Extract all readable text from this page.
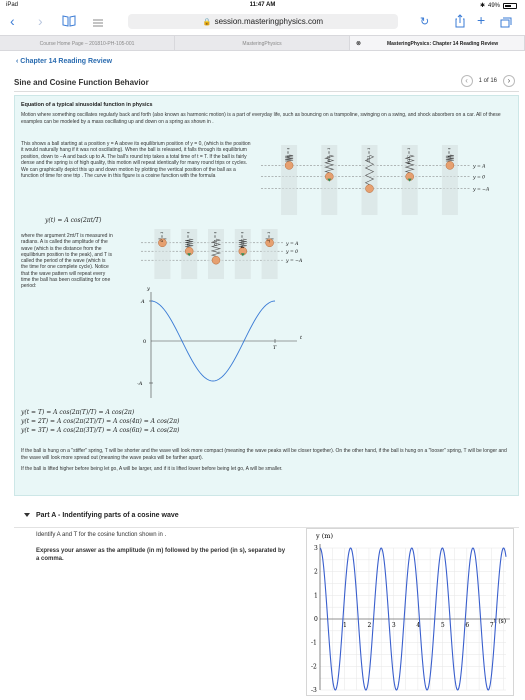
iPad	11:47 AM	✱ 49%
‹ ›	🔒 session.masteringphysics.com	↻	+
Course Home Page – 201810-PH-105-001	MasteringPhysics	⊗	MasteringPhysics: Chapter 14 Reading Review
‹ Chapter 14 Reading Review
Sine and Cosine Function Behavior	‹	1 of 16	›
Equation of a typical sinusoidal function in physics
Motion where something oscillates regularly back and forth (also known as harmonic motion) is a part of everyday life, such as bouncing on a trampoline, swinging on a swing, and shock absorbers on a car. All of these examples can be modeled by a mass oscillating up and down on a spring as shown in .
This shows a ball starting at a position y = A above its equilibrium position of y = 0, (which is the position it would naturally hang if it was not oscillating). When the ball is released, it falls through its equilibrium position, down to −A and back up to A. The ball's round trip takes a total time of t = T. If the ball is fairly dense and the spring is of high quality, this motion will repeat identically for many round trips or cycles. We can graphically depict this up and down motion by plotting the vertical position of the ball as a function of time for one trip . The curve in this figure is a cosine function with the formula
y(t) = A cos(2πt/T)
where the argument 2πt/T is measured in radians. A is called the amplitude of the wave (which is the distance from the equilibrium position to the peak), and T is called the period of the wave (which is the time for one complete cycle). Notice that the wave pattern will repeat every time the ball has been oscillating for one period:
y = A
y = 0
y = −A
t = 0	t = T/4	t = T/2	t = 3T/4	t = T
y = A
y = 0
y = −A
t = 0	t = T/4	t = T/2	t = 3T/4	t = T
y
t
A
-A
0
T
y(t = T) = A cos(2π(T)/T) = A cos(2π)
y(t = 2T) = A cos(2π(2T)/T) = A cos(4π) = A cos(2π)
y(t = 3T) = A cos(2π(3T)/T) = A cos(6π) = A cos(2π)
If the ball is hung on a "stiffer" spring, T will be shorter and the wave will look more compact (meaning the wave peaks will be closer together). On the other hand, if the ball is hung on a "looser" spring, T will be longer and the wave will look more spread out (meaning the wave peaks will be farther apart).
If the ball is lifted higher before being let go, A will be larger, and if it is lifted lower before being let go, A will be smaller.
Part A - Indentifying parts of a cosine wave
Identify A and T for the cosine function shown in .
Express your answer as the amplitude (in m) followed by the period (in s), separated by a comma.
y (m)
t (s)
1	2	3	4	5	6	7
-3
-2
-1
0
1
2
3
